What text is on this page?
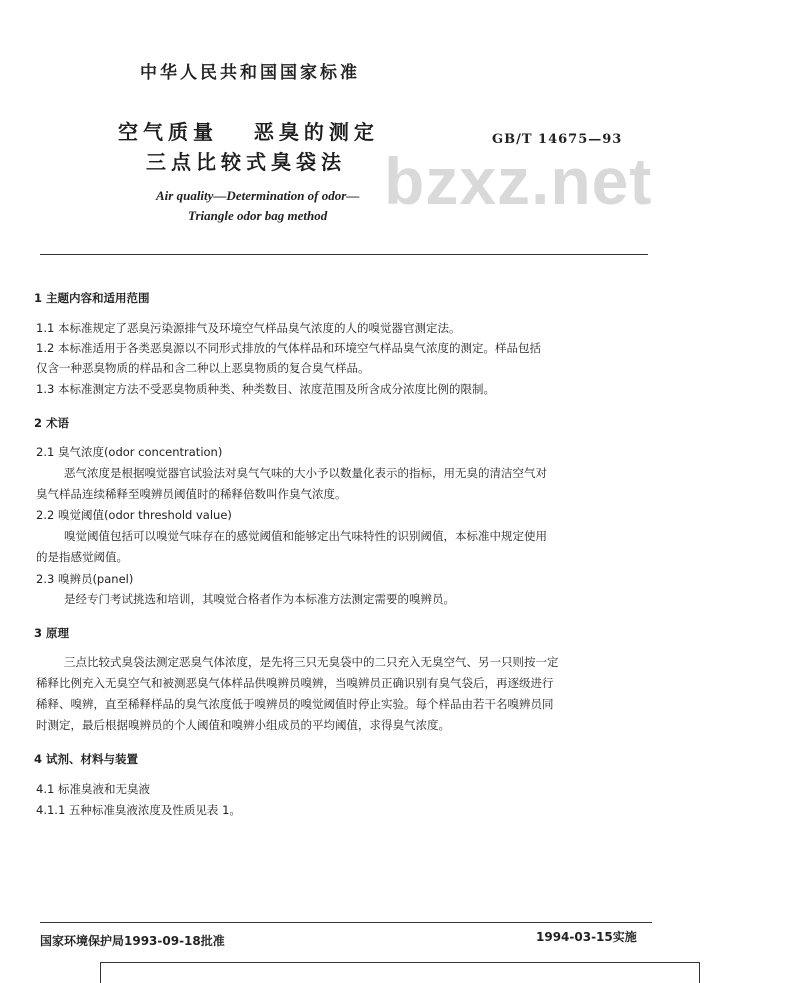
bzxz.net
中华人民共和国国家标准
空气质量   恶臭的测定
三点比较式臭袋法
GB/T 14675—93
Air quality—Determination of odor—
Triangle odor bag method
1 主题内容和适用范围
1.1 本标准规定了恶臭污染源排气及环境空气样品臭气浓度的人的嗅觉器官测定法。
1.2 本标准适用于各类恶臭源以不同形式排放的气体样品和环境空气样品臭气浓度的测定。样品包括
仅含一种恶臭物质的样品和含二种以上恶臭物质的复合臭气样品。
1.3 本标准测定方法不受恶臭物质种类、种类数目、浓度范围及所含成分浓度比例的限制。
2 术语
2.1 臭气浓度(odor concentration)
恶气浓度是根据嗅觉器官试验法对臭气气味的大小予以数量化表示的指标，用无臭的清洁空气对
臭气样品连续稀释至嗅辨员阈值时的稀释倍数叫作臭气浓度。
2.2 嗅觉阈值(odor threshold value)
嗅觉阈值包括可以嗅觉气味存在的感觉阈值和能够定出气味特性的识别阈值，本标准中规定使用
的是指感觉阈值。
2.3 嗅辨员(panel)
是经专门考试挑选和培训，其嗅觉合格者作为本标准方法测定需要的嗅辨员。
3 原理
三点比较式臭袋法测定恶臭气体浓度，是先将三只无臭袋中的二只充入无臭空气、另一只则按一定
稀释比例充入无臭空气和被测恶臭气体样品供嗅辨员嗅辨，当嗅辨员正确识别有臭气袋后，再逐级进行
稀释、嗅辨，直至稀释样品的臭气浓度低于嗅辨员的嗅觉阈值时停止实验。每个样品由若干名嗅辨员同
时测定，最后根据嗅辨员的个人阈值和嗅辨小组成员的平均阈值，求得臭气浓度。
4 试剂、材料与装置
4.1 标准臭液和无臭液
4.1.1 五种标准臭液浓度及性质见表 1。
国家环境保护局1993-09-18批准	1994-03-15实施
